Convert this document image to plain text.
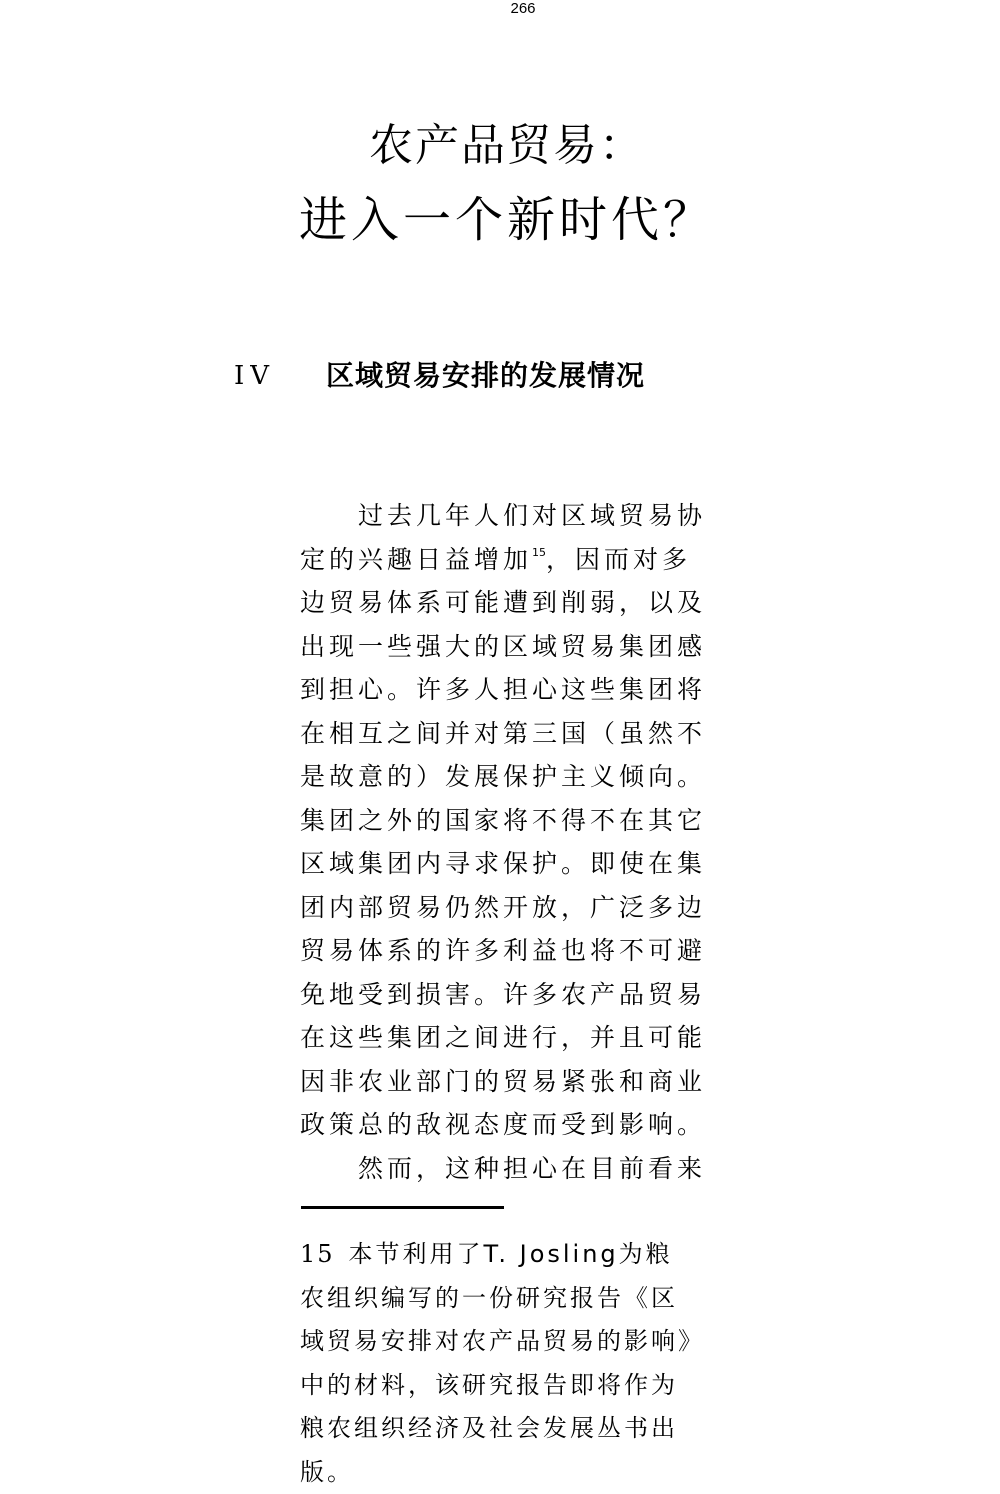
266
农产品贸易：
进入一个新时代？
IV 区域贸易安排的发展情况
过去几年人们对区域贸易协
定的兴趣日益增加$^{15}$，因而对多
边贸易体系可能遭到削弱，以及
出现一些强大的区域贸易集团感
到担心。许多人担心这些集团将
在相互之间并对第三国（虽然不
是故意的）发展保护主义倾向。
集团之外的国家将不得不在其它
区域集团内寻求保护。即使在集
团内部贸易仍然开放，广泛多边
贸易体系的许多利益也将不可避
免地受到损害。许多农产品贸易
在这些集团之间进行，并且可能
因非农业部门的贸易紧张和商业
政策总的敌视态度而受到影响。
然而，这种担心在目前看来
15 本节利用了T. Josling为粮
农组织编写的一份研究报告《区
域贸易安排对农产品贸易的影响》
中的材料，该研究报告即将作为
粮农组织经济及社会发展丛书出
版。
